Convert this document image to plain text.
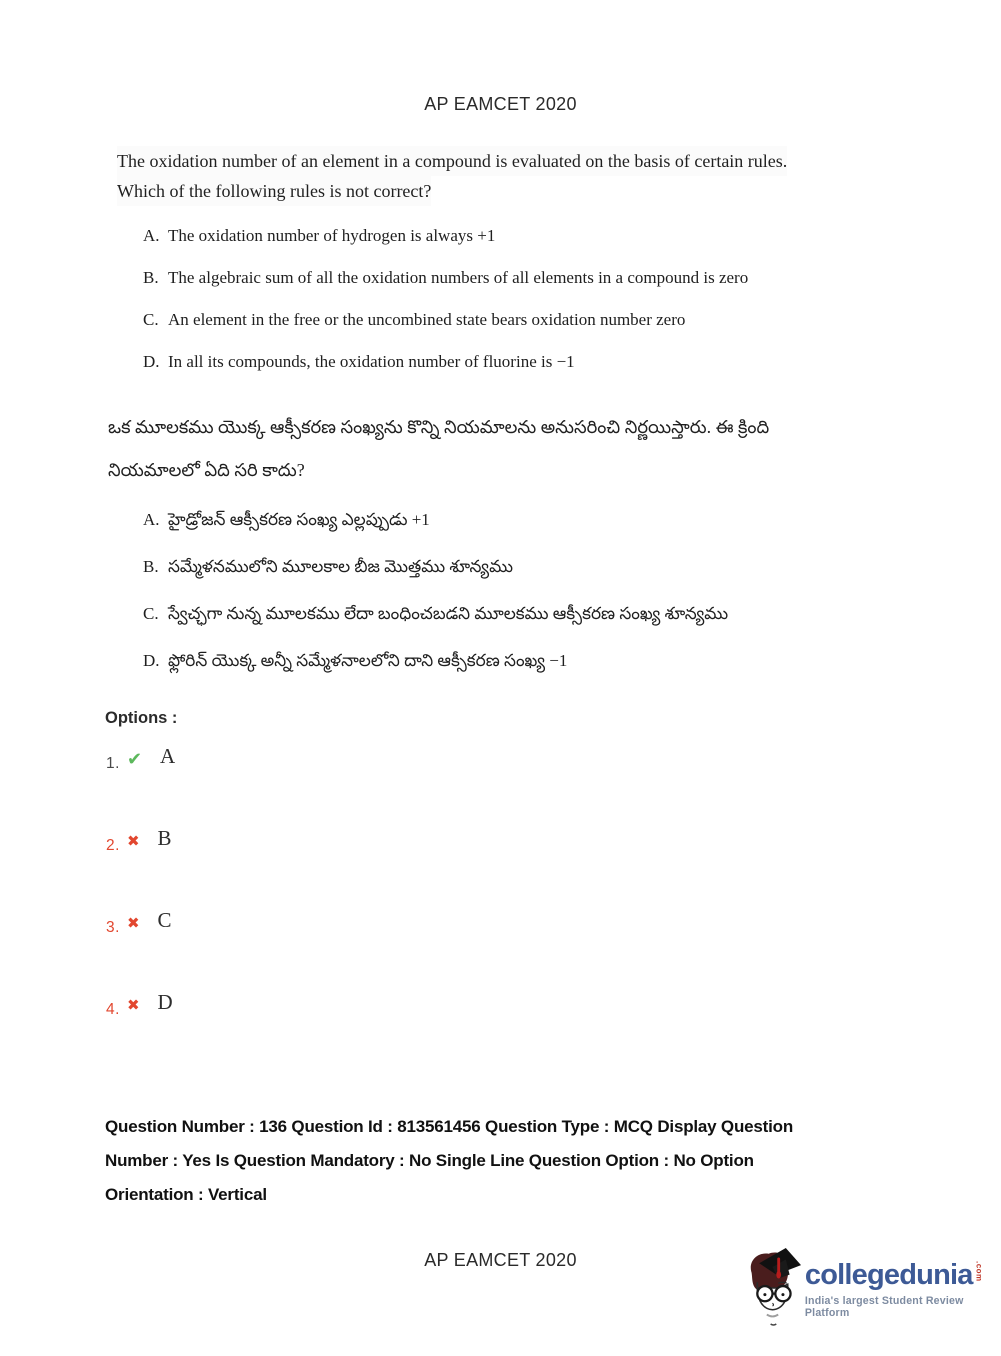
AP EAMCET 2020

The oxidation number of an element in a compound is evaluated on the basis of certain rules.

Which of the following rules is not correct?

A. The oxidation number of hydrogen is always +1
B. The algebraic sum of all the oxidation numbers of all elements in a compound is zero
C. An element in the free or the uncombined state bears oxidation number zero
D. In all its compounds, the oxidation number of fluorine is −1

ఒక మూలకము యొక్క ఆక్సీకరణ సంఖ్యను కొన్ని నియమాలను అనుసరించి నిర్ణయిస్తారు. ఈ క్రింది

నియమాలలో ఏది సరి కాదు?

A. హైడ్రోజన్ ఆక్సీకరణ సంఖ్య ఎల్లప్పుడు +1
B. సమ్మేళనములోని మూలకాల బీజ మొత్తము శూన్యము
C. స్వేచ్ఛగా నున్న మూలకము లేదా బంధించబడని మూలకము ఆక్సీకరణ సంఖ్య శూన్యము
D. ఫ్లోరిన్ యొక్క అన్నీ సమ్మేళనాలలోని దాని ఆక్సీకరణ సంఖ్య −1
Options :
1. ✔ A
2. ✖ B
3. ✖ C
4. ✖ D

Question Number : 136 Question Id : 813561456 Question Type : MCQ Display Question

Number : Yes Is Question Mandatory : No Single Line Question Option : No Option

Orientation : Vertical

AP EAMCET 2020	collegedunia .com
India's largest Student Review Platform
